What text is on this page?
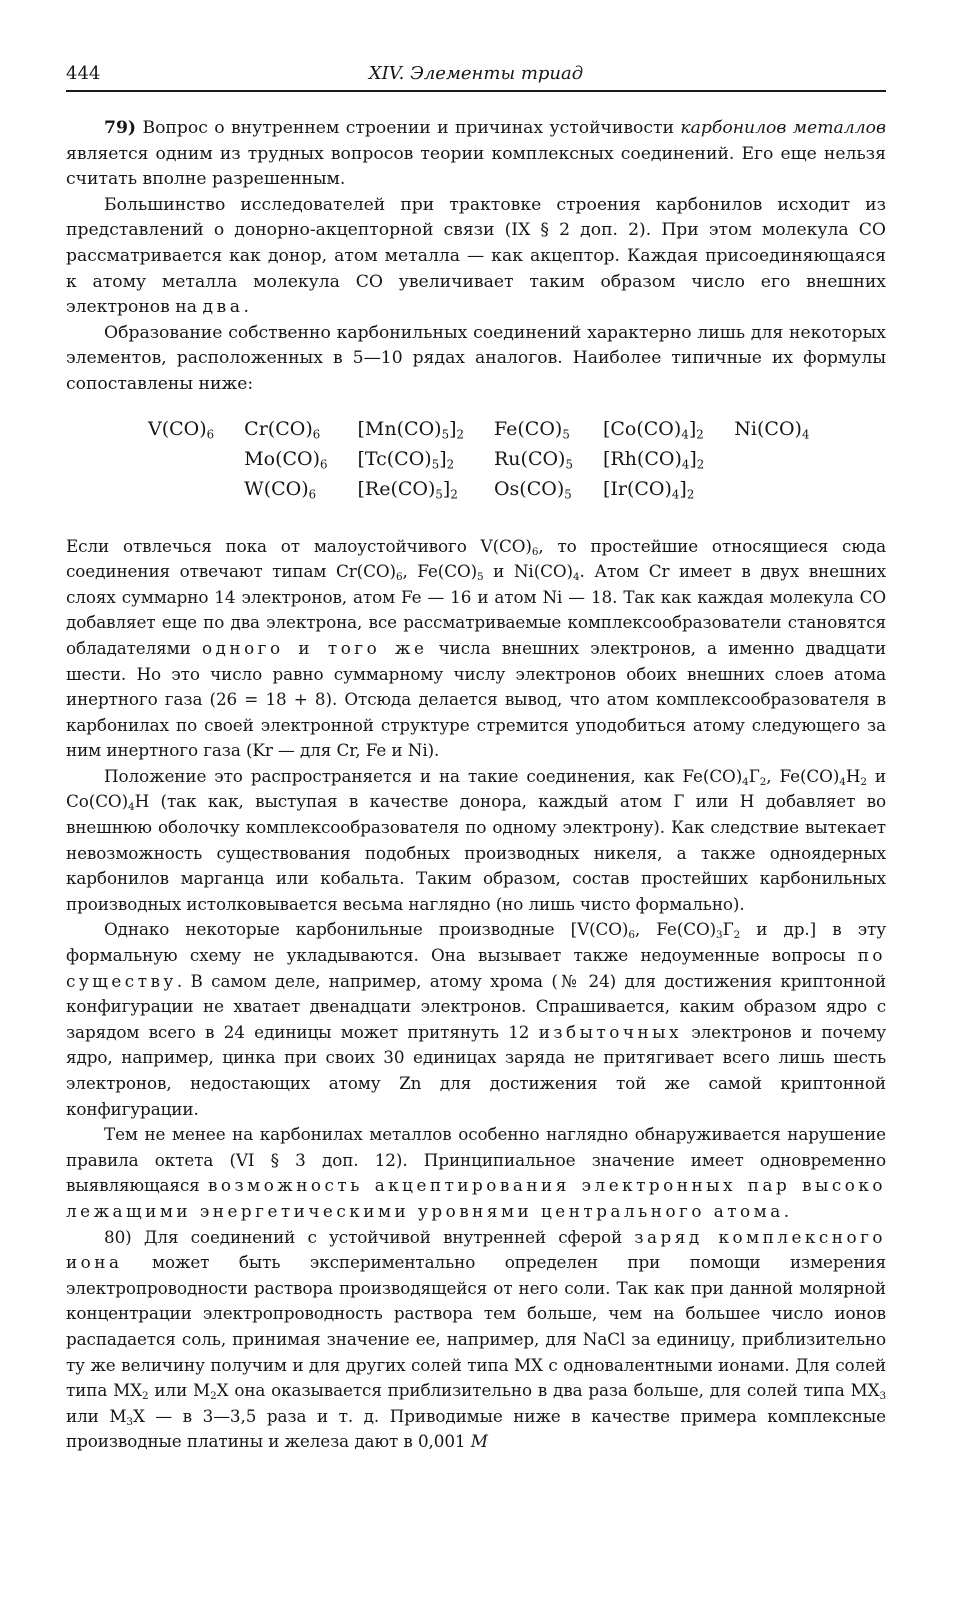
444	XIV. Элементы триад

79) Вопрос о внутреннем строении и причинах устойчивости карбонилов металлов является одним из трудных вопросов теории комплексных соединений. Его еще нельзя считать вполне разрешенным.

Большинство исследователей при трактовке строения карбонилов исходит из представлений о донорно-акцепторной связи (IX § 2 доп. 2). При этом молекула CO рассматривается как донор, атом металла — как акцептор. Каждая присоединяющаяся к атому металла молекула CO увеличивает таким образом число его внешних электронов на два.

Образование собственно карбонильных соединений характерно лишь для некоторых элементов, расположенных в 5—10 рядах аналогов. Наиболее типичные их формулы сопоставлены ниже:

$V(CO)_6$	$Cr(CO)_6$	$[Mn(CO)_5]_2$	$Fe(CO)_5$	$[Co(CO)_4]_2$	$Ni(CO)_4$
	$Mo(CO)_6$	$[Tc(CO)_5]_2$	$Ru(CO)_5$	$[Rh(CO)_4]_2$	
	$W(CO)_6$	$[Re(CO)_5]_2$	$Os(CO)_5$	$[Ir(CO)_4]_2$	

Если отвлечься пока от малоустойчивого $V(CO)_6$, то простейшие относящиеся сюда соединения отвечают типам $Cr(CO)_6$, $Fe(CO)_5$ и $Ni(CO)_4$. Атом Cr имеет в двух внешних слоях суммарно 14 электронов, атом Fe — 16 и атом Ni — 18. Так как каждая молекула CO добавляет еще по два электрона, все рассматриваемые комплексообразователи становятся обладателями одного и того же числа внешних электронов, а именно двадцати шести. Но это число равно суммарному числу электронов обоих внешних слоев атома инертного газа (26 = 18 + 8). Отсюда делается вывод, что атом комплексообразователя в карбонилах по своей электронной структуре стремится уподобиться атому следующего за ним инертного газа (Kr — для Cr, Fe и Ni).

Положение это распространяется и на такие соединения, как $Fe(CO)_4Г_2$, $Fe(CO)_4H_2$ и $Co(CO)_4H$ (так как, выступая в качестве донора, каждый атом Г или H добавляет во внешнюю оболочку комплексообразователя по одному электрону). Как следствие вытекает невозможность существования подобных производных никеля, а также одноядерных карбонилов марганца или кобальта. Таким образом, состав простейших карбонильных производных истолковывается весьма наглядно (но лишь чисто формально).

Однако некоторые карбонильные производные [$V(CO)_6$, $Fe(CO)_3Г_2$ и др.] в эту формальную схему не укладываются. Она вызывает также недоуменные вопросы по существу. В самом деле, например, атому хрома (№ 24) для достижения криптонной конфигурации не хватает двенадцати электронов. Спрашивается, каким образом ядро с зарядом всего в 24 единицы может притянуть 12 избыточных электронов и почему ядро, например, цинка при своих 30 единицах заряда не притягивает всего лишь шесть электронов, недостающих атому Zn для достижения той же самой криптонной конфигурации.

Тем не менее на карбонилах металлов особенно наглядно обнаруживается нарушение правила октета (VI § 3 доп. 12). Принципиальное значение имеет одновременно выявляющаяся возможность акцептирования электронных пар высоко лежащими энергетическими уровнями центрального атома.

80) Для соединений с устойчивой внутренней сферой заряд комплексного иона может быть экспериментально определен при помощи измерения электропроводности раствора производящейся от него соли. Так как при данной молярной концентрации электропроводность раствора тем больше, чем на большее число ионов распадается соль, принимая значение ее, например, для NaCl за единицу, приблизительно ту же величину получим и для других солей типа MX с одновалентными ионами. Для солей типа $MX_2$ или $M_2X$ она оказывается приблизительно в два раза больше, для солей типа $MX_3$ или $M_3X$ — в 3—3,5 раза и т. д. Приводимые ниже в качестве примера комплексные производные платины и железа дают в 0,001 M
